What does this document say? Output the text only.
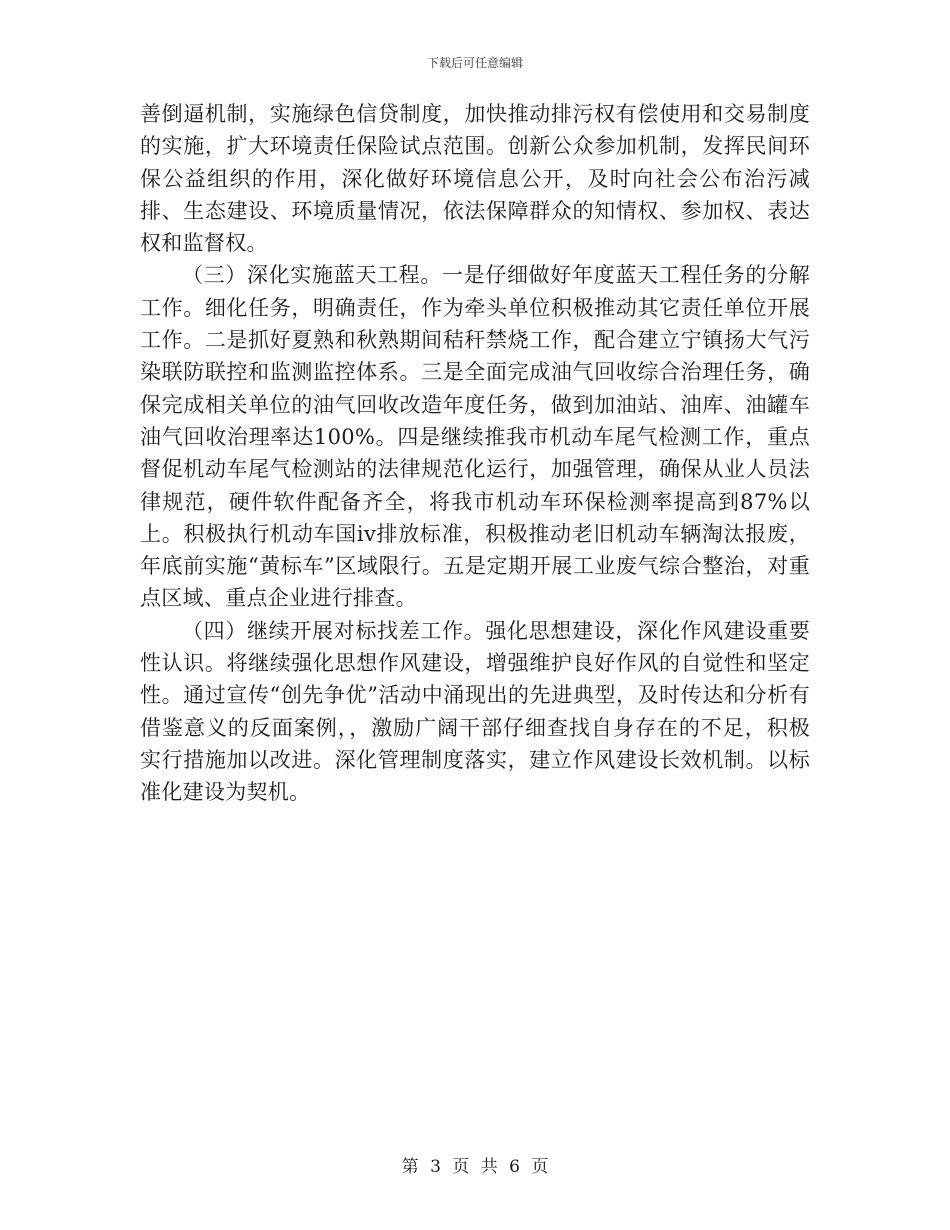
下载后可任意编辑

善倒逼机制，实施绿色信贷制度，加快推动排污权有偿使用和交易制度的实施，扩大环境责任保险试点范围。创新公众参加机制，发挥民间环保公益组织的作用，深化做好环境信息公开，及时向社会公布治污减排、生态建设、环境质量情况，依法保障群众的知情权、参加权、表达权和监督权。

（三）深化实施蓝天工程。一是仔细做好年度蓝天工程任务的分解工作。细化任务，明确责任，作为牵头单位积极推动其它责任单位开展工作。二是抓好夏熟和秋熟期间秸秆禁烧工作，配合建立宁镇扬大气污染联防联控和监测监控体系。三是全面完成油气回收综合治理任务，确保完成相关单位的油气回收改造年度任务，做到加油站、油库、油罐车油气回收治理率达100%。四是继续推我市机动车尾气检测工作，重点督促机动车尾气检测站的法律规范化运行，加强管理，确保从业人员法律规范，硬件软件配备齐全，将我市机动车环保检测率提高到87%以上。积极执行机动车国iv排放标准，积极推动老旧机动车辆淘汰报废，年底前实施“黄标车”区域限行。五是定期开展工业废气综合整治，对重点区域、重点企业进行排查。

（四）继续开展对标找差工作。强化思想建设，深化作风建设重要性认识。将继续强化思想作风建设，增强维护良好作风的自觉性和坚定性。通过宣传“创先争优”活动中涌现出的先进典型，及时传达和分析有借鉴意义的反面案例，，激励广阔干部仔细查找自身存在的不足，积极实行措施加以改进。深化管理制度落实，建立作风建设长效机制。以标准化建设为契机。

第 3 页 共 6 页
